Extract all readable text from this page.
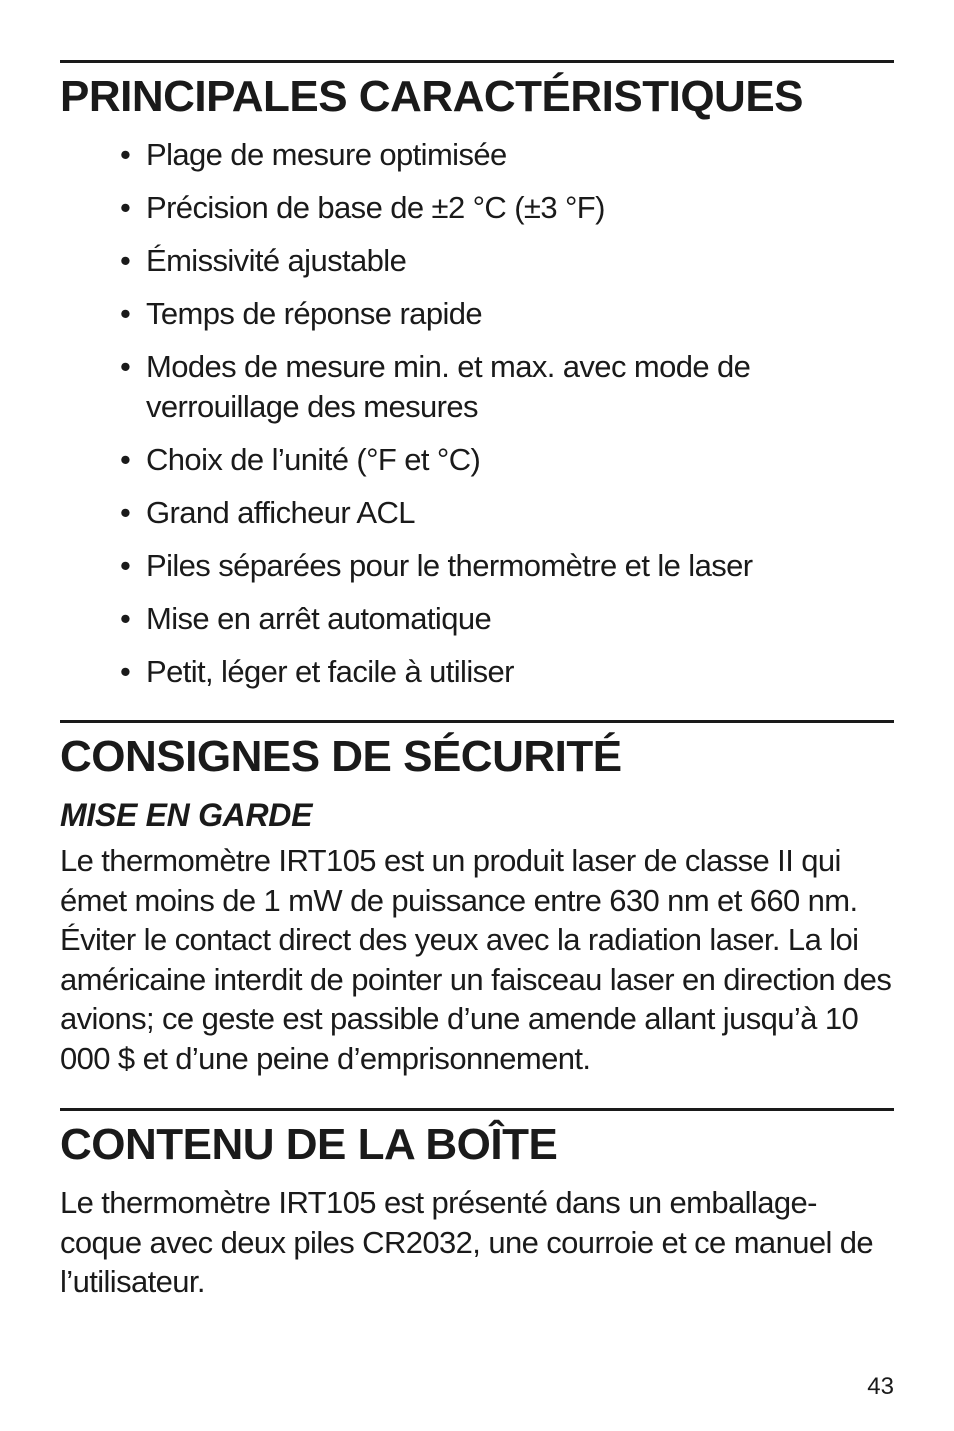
PRINCIPALES CARACTÉRISTIQUES
• Plage de mesure optimisée
• Précision de base de ±2 °C (±3 °F)
• Émissivité ajustable
• Temps de réponse rapide
• Modes de mesure min. et max. avec mode de verrouillage des mesures
• Choix de l’unité (°F et °C)
• Grand afficheur ACL
• Piles séparées pour le thermomètre et le laser
• Mise en arrêt automatique
• Petit, léger et facile à utiliser
CONSIGNES DE SÉCURITÉ
MISE EN GARDE

Le thermomètre IRT105 est un produit laser de classe II qui émet moins de 1 mW de puissance entre 630 nm et 660 nm. Éviter le contact direct des yeux avec la radiation laser. La loi américaine interdit de pointer un faisceau laser en direction des avions; ce geste est passible d’une amende allant jusqu’à 10 000 $ et d’une peine d’emprisonnement.

CONTENU DE LA BOÎTE

Le thermomètre IRT105 est présenté dans un emballage-coque avec deux piles CR2032, une courroie et ce manuel de l’utilisateur.

43
